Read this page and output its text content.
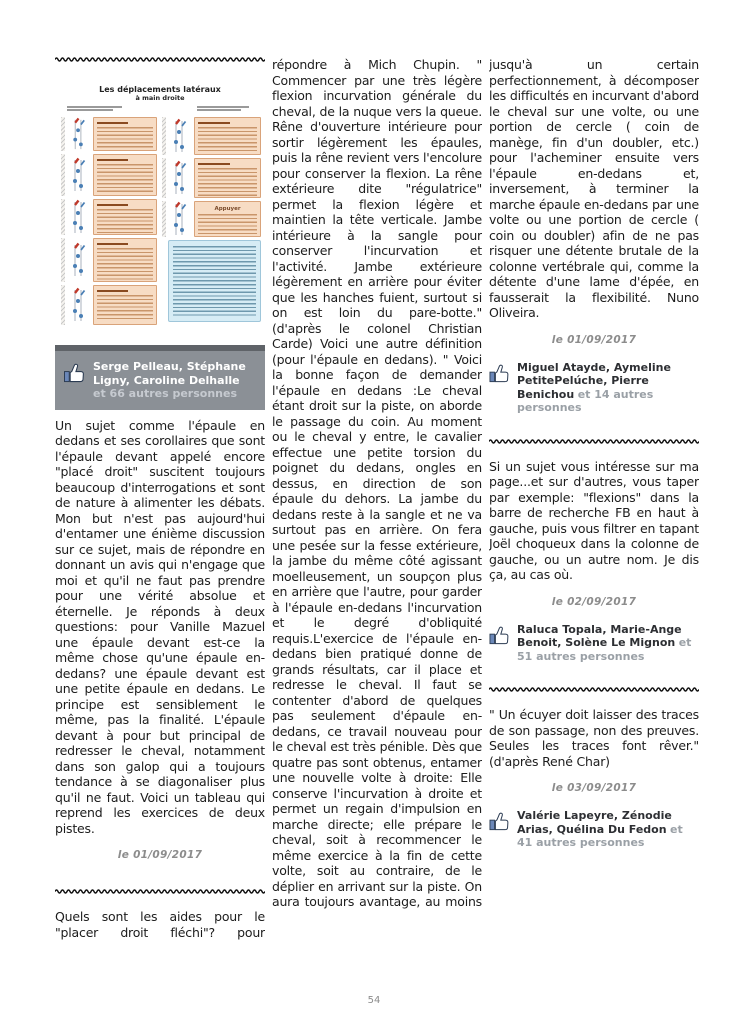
Les déplacements latéraux
à main droite
Appuyer
Serge Pelleau, Stéphane Ligny, Caroline Delhalle et 66 autres personnes
Un sujet comme l'épaule en dedans et ses corollaires que sont l'épaule devant appelé encore "placé droit" suscitent toujours beaucoup d'interrogations et sont de nature à alimenter les débats. Mon but n'est pas aujourd'hui d'entamer une énième discussion sur ce sujet, mais de répondre en donnant un avis qui n'engage que moi et qu'il ne faut pas prendre pour une vérité absolue et éternelle. Je réponds à deux questions: pour Vanille Mazuel une épaule devant est-ce la même chose qu'une épaule en-dedans? une épaule devant est une petite épaule en dedans. Le principe est sensiblement le même, pas la finalité. L'épaule devant à pour but principal de redresser le cheval, notamment dans son galop qui a toujours tendance à se diagonaliser plus qu'il ne faut. Voici un tableau qui reprend les exercices de deux pistes.
le 01/09/2017
Quels sont les aides pour le "placer droit fléchi"? pour
répondre à Mich Chupin. " Commencer par une très légère flexion incurvation générale du cheval, de la nuque vers la queue. Rêne d'ouverture intérieure pour sortir légèrement les épaules, puis la rêne revient vers l'encolure pour conserver la flexion. La rêne extérieure dite "régulatrice" permet la flexion légère et maintien la tête verticale. Jambe intérieure à la sangle pour conserver l'incurvation et l'activité. Jambe extérieure légèrement en arrière pour éviter que les hanches fuient, surtout si on est loin du pare-botte." (d'après le colonel Christian Carde) Voici une autre définition (pour l'épaule en dedans). " Voici la bonne façon de demander l'épaule en dedans :Le cheval étant droit sur la piste, on aborde le passage du coin. Au moment ou le cheval y entre, le cavalier effectue une petite torsion du poignet du dedans, ongles en dessus, en direction de son épaule du dehors. La jambe du dedans reste à la sangle et ne va surtout pas en arrière. On fera une pesée sur la fesse extérieure, la jambe du même côté agissant moelleusement, un soupçon plus en arrière que l'autre, pour garder à l'épaule en-dedans l'incurvation et le degré d'obliquité requis.L'exercice de l'épaule en-dedans bien pratiqué donne de grands résultats, car il place et redresse le cheval. Il faut se contenter d'abord de quelques pas seulement d'épaule en-dedans, ce travail nouveau pour le cheval est très pénible. Dès que quatre pas sont obtenus, entamer une nouvelle volte à droite: Elle conserve l'incurvation à droite et permet un regain d'impulsion en marche directe; elle prépare le cheval, soit à recommencer le même exercice à la fin de cette volte, soit au contraire, de le déplier en arrivant sur la piste. On aura toujours avantage, au moins
jusqu'à un certain perfectionnement, à décomposer les difficultés en incurvant d'abord le cheval sur une volte, ou une portion de cercle ( coin de manège, fin d'un doubler, etc.) pour l'acheminer ensuite vers l'épaule en-dedans et, inversement, à terminer la marche épaule en-dedans par une volte ou une portion de cercle ( coin ou doubler) afin de ne pas risquer une détente brutale de la colonne vertébrale qui, comme la détente d'une lame d'épée, en fausserait la flexibilité. Nuno Oliveira.
le 01/09/2017
Miguel Atayde, Aymeline PetitePelúche, Pierre Benichou et 14 autres personnes
Si un sujet vous intéresse sur ma page...et sur d'autres, vous taper par exemple: "flexions" dans la barre de recherche FB en haut à gauche, puis vous filtrer en tapant Joël choqueux dans la colonne de gauche, ou un autre nom. Je dis ça, au cas où.
le 02/09/2017
Raluca Topala, Marie-Ange Benoit, Solène Le Mignon et 51 autres personnes
" Un écuyer doit laisser des traces de son passage, non des preuves. Seules les traces font rêver." (d'après René Char)
le 03/09/2017
Valérie Lapeyre, Zénodie Arias, Quélina Du Fedon et 41 autres personnes
54
